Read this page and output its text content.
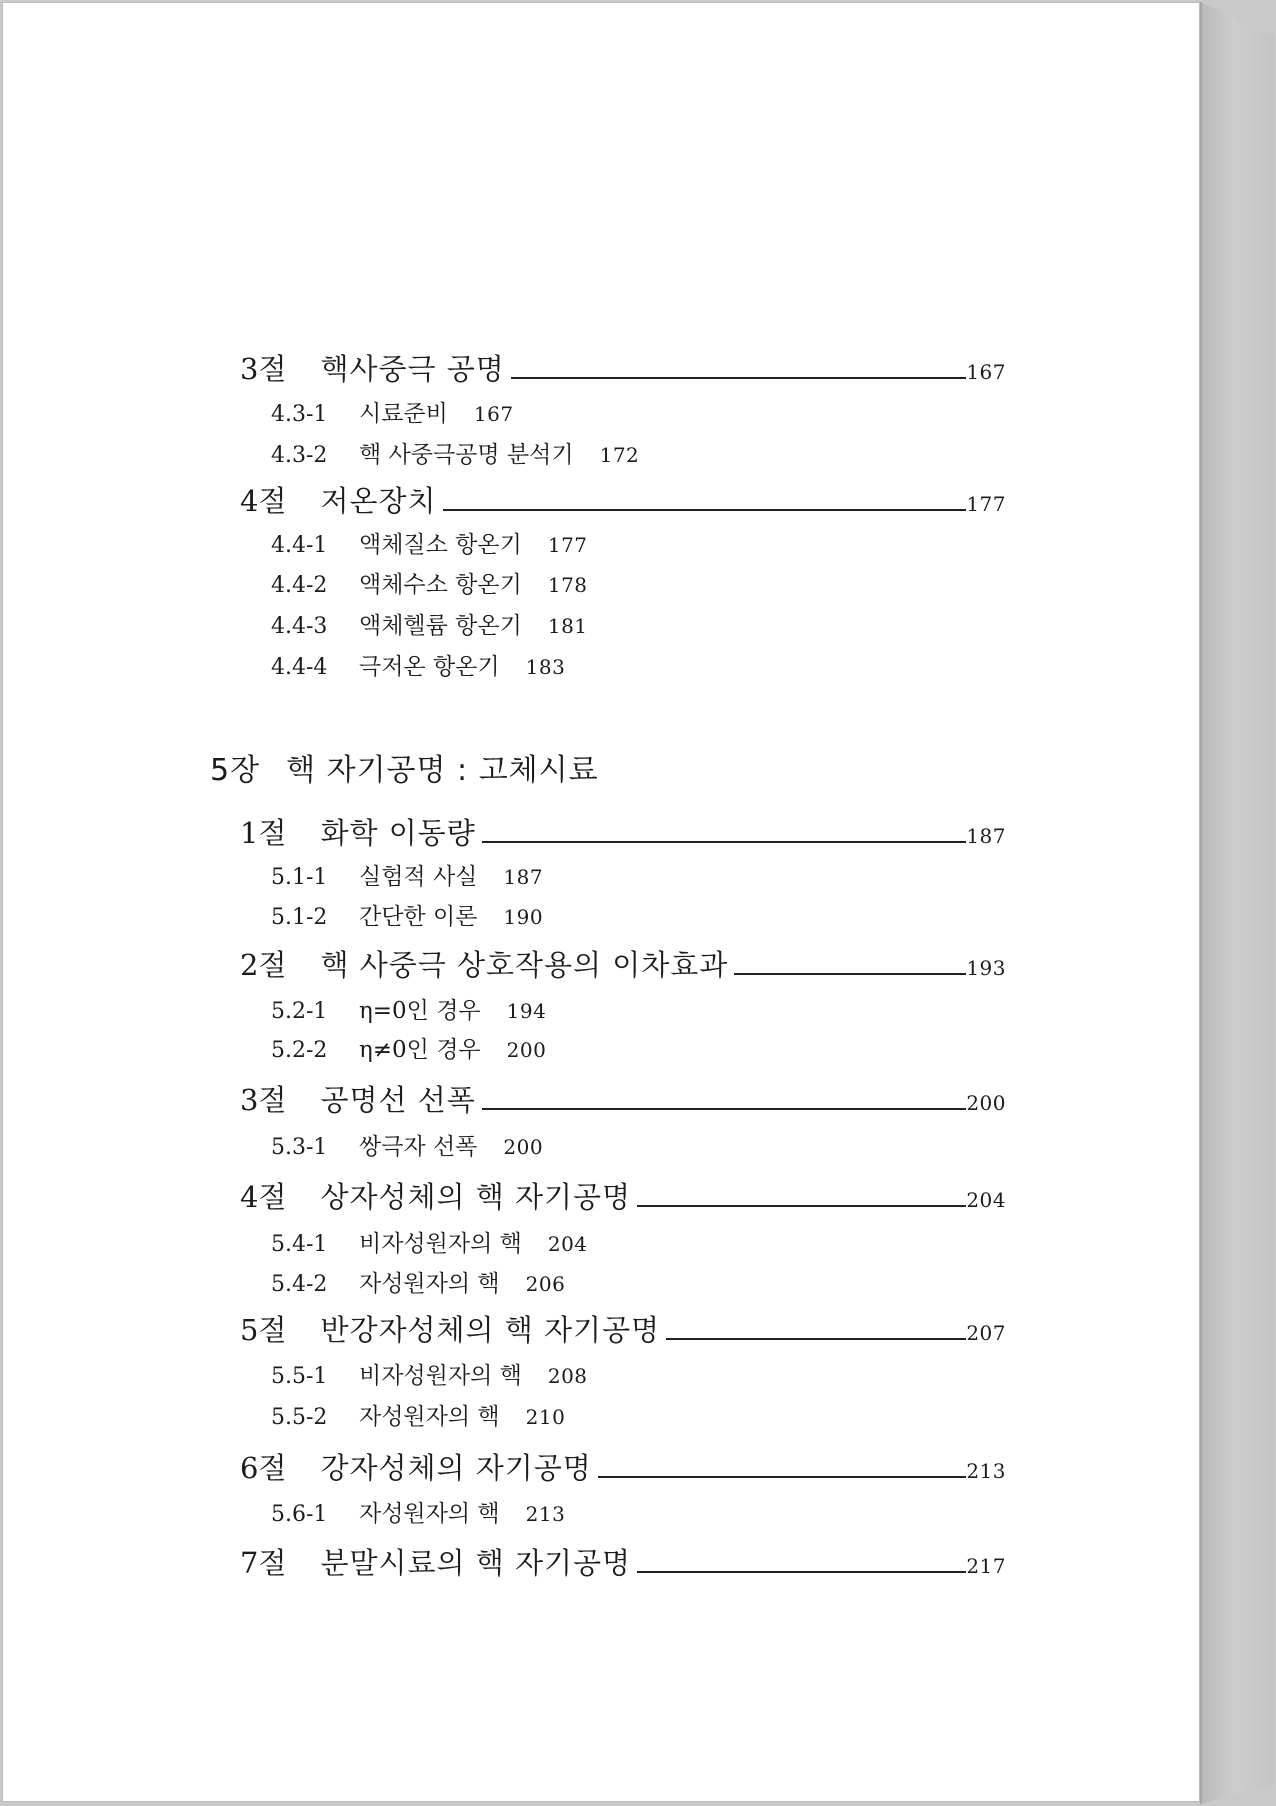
3절 핵사중극 공명	167
4.3-1	시료준비 167
4.3-2	핵 사중극공명 분석기 172
4절 저온장치	177
4.4-1	액체질소 항온기 177
4.4-2	액체수소 항온기 178
4.4-3	액체헬륨 항온기 181
4.4-4	극저온 항온기 183
5장 핵 자기공명 : 고체시료
1절 화학 이동량	187
5.1-1	실험적 사실 187
5.1-2	간단한 이론 190
2절 핵 사중극 상호작용의 이차효과	193
5.2-1	η=0인 경우 194
5.2-2	η≠0인 경우 200
3절 공명선 선폭	200
5.3-1	쌍극자 선폭 200
4절 상자성체의 핵 자기공명	204
5.4-1	비자성원자의 핵 204
5.4-2	자성원자의 핵 206
5절 반강자성체의 핵 자기공명	207
5.5-1	비자성원자의 핵 208
5.5-2	자성원자의 핵 210
6절 강자성체의 자기공명	213
5.6-1	자성원자의 핵 213
7절 분말시료의 핵 자기공명	217
